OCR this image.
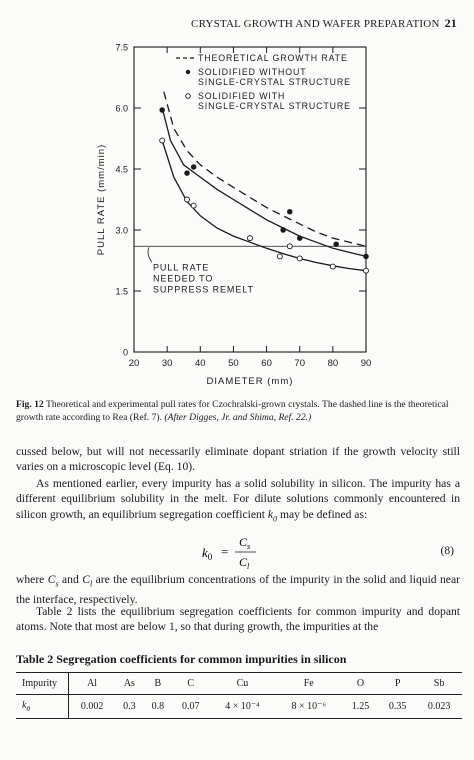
CRYSTAL GROWTH AND WAFER PREPARATION 21
20 30 40 50 60 70 80 90
0
1.5
3.0
4.5
6.0
7.5
DIAMETER (mm)
PULL RATE (mm/min)
PULL RATE
NEEDED TO
SUPPRESS REMELT
THEORETICAL GROWTH RATE
SOLIDIFIED WITHOUT
SINGLE-CRYSTAL STRUCTURE
SOLIDIFIED WITH
SINGLE-CRYSTAL STRUCTURE
Fig. 12 Theoretical and experimental pull rates for Czochralski-grown crystals. The dashed line is the theoretical growth rate according to Rea (Ref. 7). (After Digges, Jr. and Shima, Ref. 22.)

cussed below, but will not necessarily eliminate dopant striation if the growth velocity still varies on a microscopic level (Eq. 10).

As mentioned earlier, every impurity has a solid solubility in silicon. The impurity has a different equilibrium solubility in the melt. For dilute solutions commonly encountered in silicon growth, an equilibrium segregation coefficient $k_0$ may be defined as:

$k_0$ =
$C_s$
$C_l$
(8)

where $C_s$ and $C_l$ are the equilibrium concentrations of the impurity in the solid and liquid near the interface, respectively.

Table 2 lists the equilibrium segregation coefficients for common impurity and dopant atoms. Note that most are below 1, so that during growth, the impurities at the

Table 2 Segregation coefficients for common impurities in silicon
Impurity	Al	As	B	C	Cu	Fe	O	P	Sb
$k_0$	0.002	0.3	0.8	0.07	4 × 10⁻⁴	8 × 10⁻⁶	1.25	0.35	0.023
